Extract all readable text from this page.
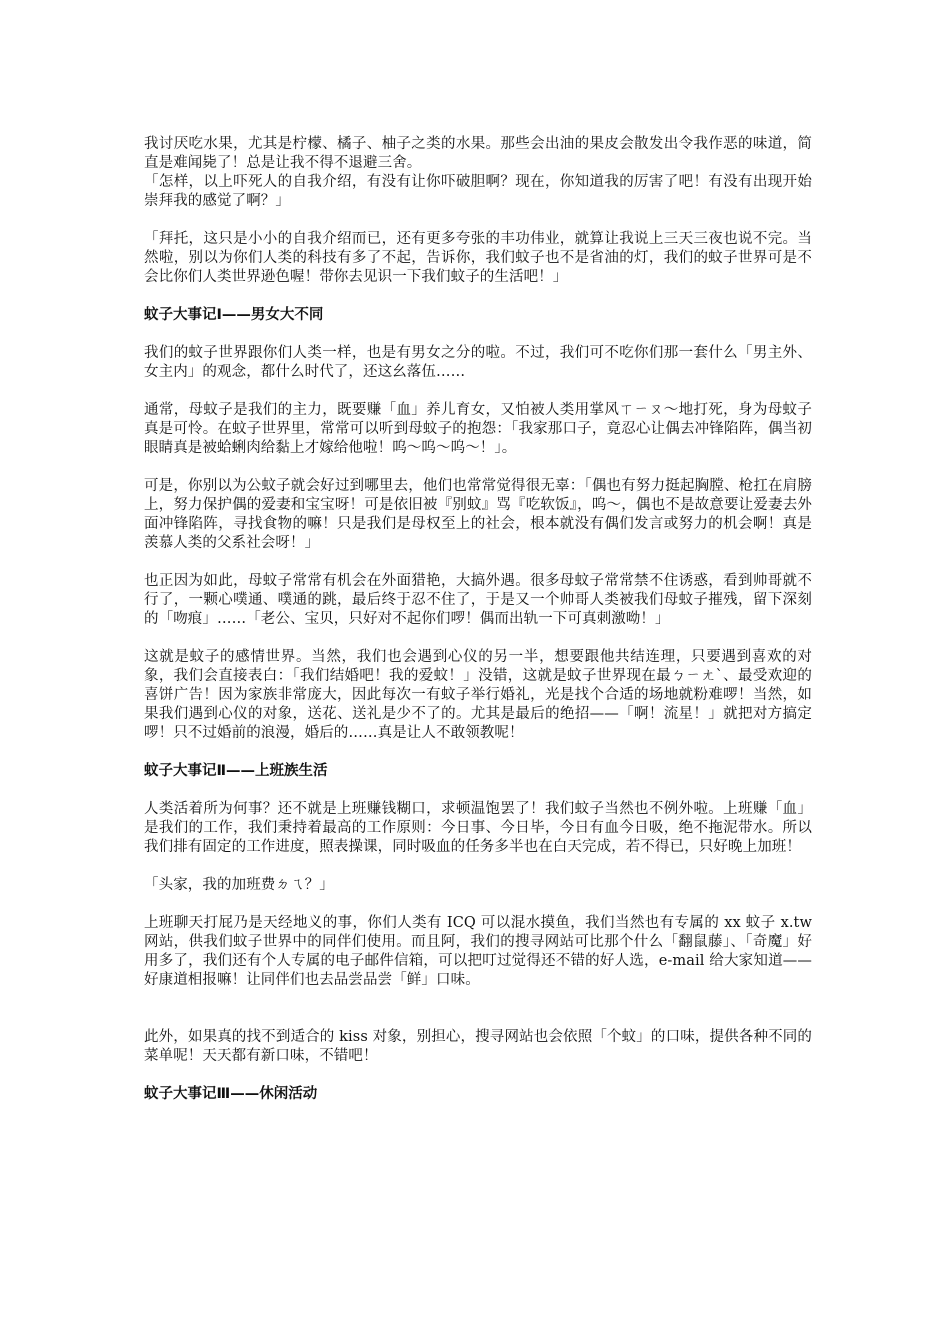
我讨厌吃水果，尤其是柠檬、橘子、柚子之类的水果。那些会出油的果皮会散发出令我作恶的味道，简直是难闻毙了！总是让我不得不退避三舍。

「怎样，以上吓死人的自我介绍，有没有让你吓破胆啊？现在，你知道我的厉害了吧！有没有出现开始崇拜我的感觉了啊？」

「拜托，这只是小小的自我介绍而已，还有更多夸张的丰功伟业，就算让我说上三天三夜也说不完。当然啦，别以为你们人类的科技有多了不起，告诉你，我们蚊子也不是省油的灯，我们的蚊子世界可是不会比你们人类世界逊色喔！带你去见识一下我们蚊子的生活吧！」

蚊子大事记Ⅰ——男女大不同

我们的蚊子世界跟你们人类一样，也是有男女之分的啦。不过，我们可不吃你们那一套什么「男主外、女主内」的观念，都什么时代了，还这幺落伍……

通常，母蚊子是我们的主力，既要赚「血」养儿育女，又怕被人类用掌风ㄒㄧㄡ～地打死，身为母蚊子真是可怜。在蚊子世界里，常常可以听到母蚊子的抱怨：「我家那口子，竟忍心让偶去冲锋陷阵，偶当初眼睛真是被蛤蜊肉给黏上才嫁给他啦！呜～呜～呜～！」。

可是，你别以为公蚊子就会好过到哪里去，他们也常常觉得很无辜：「偶也有努力挺起胸膛、枪扛在肩膀上，努力保护偶的爱妻和宝宝呀！可是依旧被『别蚊』骂『吃软饭』，呜～，偶也不是故意要让爱妻去外面冲锋陷阵，寻找食物的嘛！只是我们是母权至上的社会，根本就没有偶们发言或努力的机会啊！真是羡慕人类的父系社会呀！」

也正因为如此，母蚊子常常有机会在外面猎艳，大搞外遇。很多母蚊子常常禁不住诱惑，看到帅哥就不行了，一颗心噗通、噗通的跳，最后终于忍不住了，于是又一个帅哥人类被我们母蚊子摧残，留下深刻的「吻痕」……「老公、宝贝，只好对不起你们啰！偶而出轨一下可真刺激呦！」

这就是蚊子的感情世界。当然，我们也会遇到心仪的另一半，想要跟他共结连理，只要遇到喜欢的对象，我们会直接表白：「我们结婚吧！我的爱蚊！」没错，这就是蚊子世界现在最ㄅㄧㄤˋ、最受欢迎的喜饼广告！因为家族非常庞大，因此每次一有蚊子举行婚礼，光是找个合适的场地就粉难啰！当然，如果我们遇到心仪的对象，送花、送礼是少不了的。尤其是最后的绝招——「啊！流星！」就把对方搞定啰！只不过婚前的浪漫，婚后的……真是让人不敢领教呢！

蚊子大事记Ⅱ——上班族生活

人类活着所为何事？还不就是上班赚钱糊口，求顿温饱罢了！我们蚊子当然也不例外啦。上班赚「血」是我们的工作，我们秉持着最高的工作原则：今日事、今日毕，今日有血今日吸，绝不拖泥带水。所以我们排有固定的工作进度，照表操课，同时吸血的任务多半也在白天完成，若不得已，只好晚上加班！

「头家，我的加班费ㄉㄟ？」

上班聊天打屁乃是天经地义的事，你们人类有 ICQ 可以混水摸鱼，我们当然也有专属的 xx 蚊子 x.tw 网站，供我们蚊子世界中的同伴们使用。而且阿，我们的搜寻网站可比那个什么「翻鼠藤」、「奇魔」好用多了，我们还有个人专属的电子邮件信箱，可以把叮过觉得还不错的好人选，e-mail 给大家知道——好康道相报嘛！让同伴们也去品尝品尝「鲜」口味。

此外，如果真的找不到适合的 kiss 对象，别担心，搜寻网站也会依照「个蚊」的口味，提供各种不同的菜单呢！天天都有新口味，不错吧！

蚊子大事记Ⅲ——休闲活动
